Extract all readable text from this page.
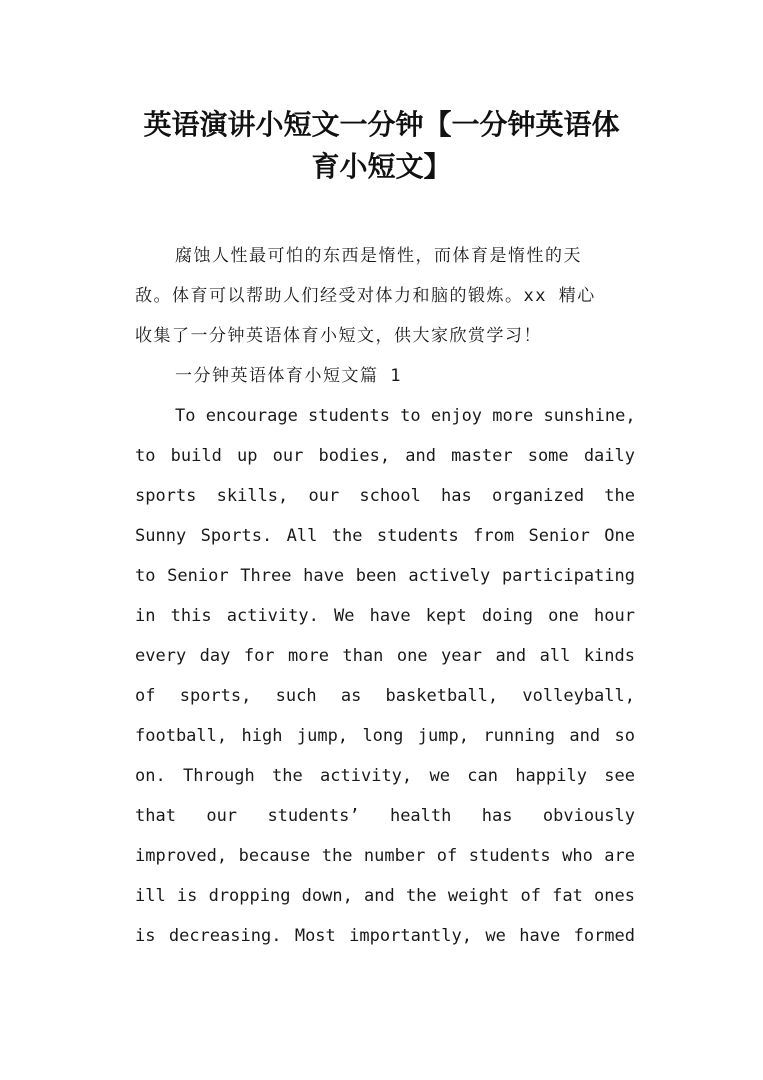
英语演讲小短文一分钟【一分钟英语体
育小短文】
腐蚀人性最可怕的东西是惰性，而体育是惰性的天
敌。体育可以帮助人们经受对体力和脑的锻炼。xx 精心
收集了一分钟英语体育小短文，供大家欣赏学习！
一分钟英语体育小短文篇 1
To encourage students to enjoy more sunshine,
to build up our bodies, and master some daily
sports skills, our school has organized the
Sunny Sports. All the students from Senior One
to Senior Three have been actively participating
in this activity. We have kept doing one hour
every day for more than one year and all kinds
of sports, such as basketball, volleyball,
football, high jump, long jump, running and so
on. Through the activity, we can happily see
that our students’ health has obviously
improved, because the number of students who are
ill is dropping down, and the weight of fat ones
is decreasing. Most importantly, we have formed
